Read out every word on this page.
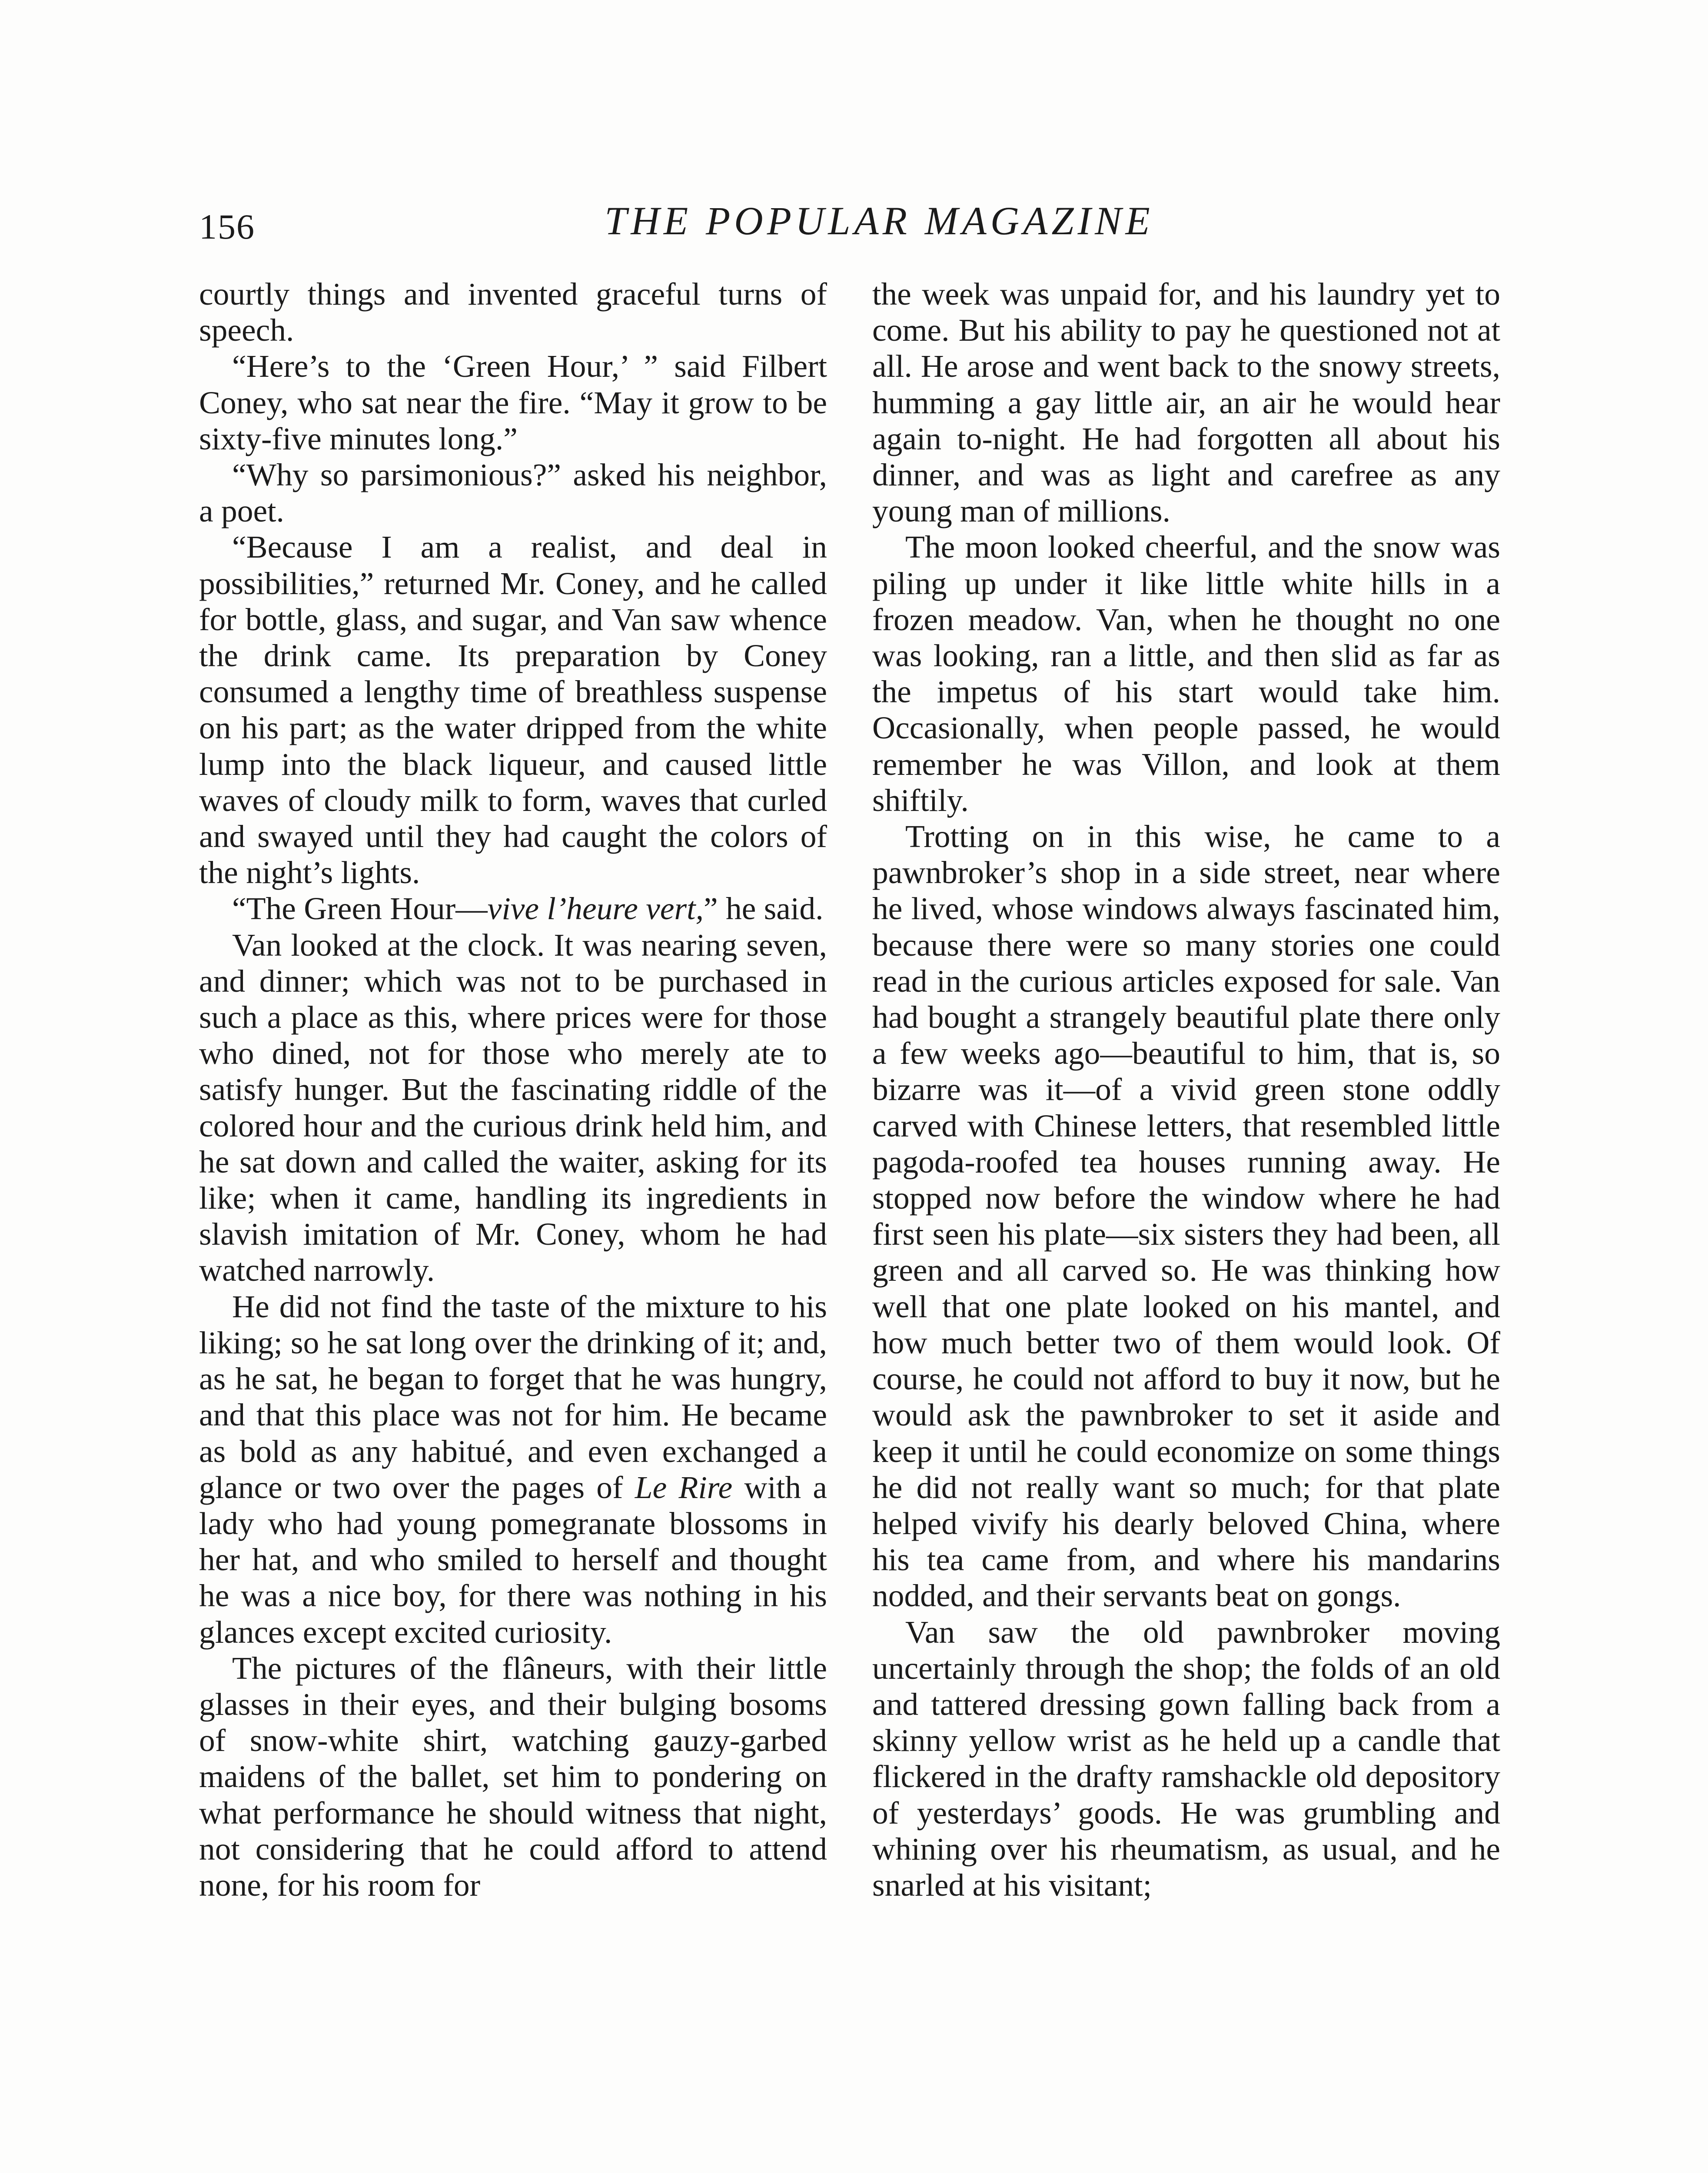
156	THE POPULAR MAGAZINE

courtly things and invented graceful turns of speech.

“Here’s to the ‘Green Hour,’ ” said Filbert Coney, who sat near the fire. “May it grow to be sixty-five minutes long.”

“Why so parsimonious?” asked his neighbor, a poet.

“Because I am a realist, and deal in possibilities,” returned Mr. Coney, and he called for bottle, glass, and sugar, and Van saw whence the drink came. Its preparation by Coney consumed a lengthy time of breathless suspense on his part; as the water dripped from the white lump into the black liqueur, and caused little waves of cloudy milk to form, waves that curled and swayed until they had caught the colors of the night’s lights.

“The Green Hour—vive l’heure vert,” he said.

Van looked at the clock. It was nearing seven, and dinner; which was not to be purchased in such a place as this, where prices were for those who dined, not for those who merely ate to satisfy hunger. But the fascinating riddle of the colored hour and the curious drink held him, and he sat down and called the waiter, asking for its like; when it came, handling its ingredients in slavish imitation of Mr. Coney, whom he had watched narrowly.

He did not find the taste of the mixture to his liking; so he sat long over the drinking of it; and, as he sat, he began to forget that he was hungry, and that this place was not for him. He became as bold as any habitué, and even exchanged a glance or two over the pages of Le Rire with a lady who had young pomegranate blossoms in her hat, and who smiled to herself and thought he was a nice boy, for there was nothing in his glances except excited curiosity.

The pictures of the flâneurs, with their little glasses in their eyes, and their bulging bosoms of snow-white shirt, watching gauzy-garbed maidens of the ballet, set him to pondering on what performance he should witness that night, not considering that he could afford to attend none, for his room for

the week was unpaid for, and his laundry yet to come. But his ability to pay he questioned not at all. He arose and went back to the snowy streets, humming a gay little air, an air he would hear again to-night. He had forgotten all about his dinner, and was as light and carefree as any young man of millions.

The moon looked cheerful, and the snow was piling up under it like little white hills in a frozen meadow. Van, when he thought no one was looking, ran a little, and then slid as far as the impetus of his start would take him. Occasionally, when people passed, he would remember he was Villon, and look at them shiftily.

Trotting on in this wise, he came to a pawnbroker’s shop in a side street, near where he lived, whose windows always fascinated him, because there were so many stories one could read in the curious articles exposed for sale. Van had bought a strangely beautiful plate there only a few weeks ago—beautiful to him, that is, so bizarre was it—of a vivid green stone oddly carved with Chinese letters, that resembled little pagoda-roofed tea houses running away. He stopped now before the window where he had first seen his plate—six sisters they had been, all green and all carved so. He was thinking how well that one plate looked on his mantel, and how much better two of them would look. Of course, he could not afford to buy it now, but he would ask the pawnbroker to set it aside and keep it until he could economize on some things he did not really want so much; for that plate helped vivify his dearly beloved China, where his tea came from, and where his mandarins nodded, and their servants beat on gongs.

Van saw the old pawnbroker moving uncertainly through the shop; the folds of an old and tattered dressing gown falling back from a skinny yellow wrist as he held up a candle that flickered in the drafty ramshackle old depository of yesterdays’ goods. He was grumbling and whining over his rheumatism, as usual, and he snarled at his visitant;
